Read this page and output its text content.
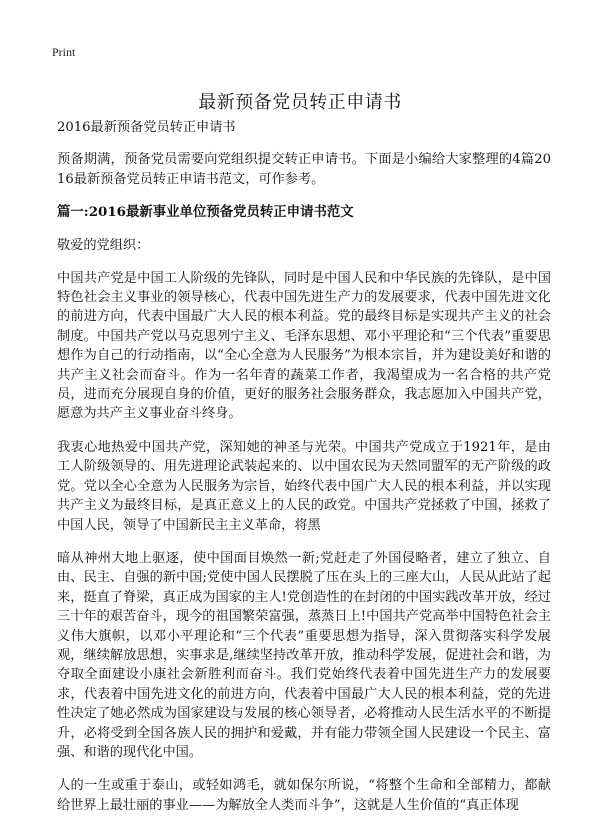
Print
最新预备党员转正申请书

2016最新预备党员转正申请书

预备期满，预备党员需要向党组织提交转正申请书。下面是小编给大家整理的4篇2016最新预备党员转正申请书范文，可作参考。

篇一:2016最新事业单位预备党员转正申请书范文

敬爱的党组织：

中国共产党是中国工人阶级的先锋队，同时是中国人民和中华民族的先锋队，是中国特色社会主义事业的领导核心，代表中国先进生产力的发展要求，代表中国先进文化的前进方向，代表中国最广大人民的根本利益。党的最终目标是实现共产主义的社会制度。中国共产党以马克思列宁主义、毛泽东思想、邓小平理论和“三个代表”重要思想作为自己的行动指南，以“全心全意为人民服务”为根本宗旨，并为建设美好和谐的共产主义社会而奋斗。作为一名年青的蔬菜工作者，我渴望成为一名合格的共产党员，进而充分展现自身的价值，更好的服务社会服务群众，我志愿加入中国共产党，愿意为共产主义事业奋斗终身。

我衷心地热爱中国共产党，深知她的神圣与光荣。中国共产党成立于1921年，是由工人阶级领导的、用先进理论武装起来的、以中国农民为天然同盟军的无产阶级的政党。党以全心全意为人民服务为宗旨，始终代表中国广大人民的根本利益，并以实现共产主义为最终目标，是真正意义上的人民的政党。中国共产党拯救了中国，拯救了中国人民，领导了中国新民主主义革命，将黑

暗从神州大地上驱逐，使中国面目焕然一新;党赶走了外国侵略者，建立了独立、自由、民主、自强的新中国;党使中国人民摆脱了压在头上的三座大山，人民从此站了起来，挺直了脊梁，真正成为国家的主人!党创造性的在封闭的中国实践改革开放，经过三十年的艰苦奋斗，现今的祖国繁荣富强，蒸蒸日上!中国共产党高举中国特色社会主义伟大旗帜，以邓小平理论和“三个代表”重要思想为指导，深入贯彻落实科学发展观，继续解放思想，实事求是,继续坚持改革开放，推动科学发展，促进社会和谐，为夺取全面建设小康社会新胜利而奋斗。我们党始终代表着中国先进生产力的发展要求，代表着中国先进文化的前进方向，代表着中国最广大人民的根本利益，党的先进性决定了她必然成为国家建设与发展的核心领导者，必将推动人民生活水平的不断提升，必将受到全国各族人民的拥护和爱戴，并有能力带领全国人民建设一个民主、富强、和谐的现代化中国。

人的一生或重于泰山，或轻如鸿毛，就如保尔所说，“将整个生命和全部精力，都献给世界上最壮丽的事业——为解放全人类而斗争”，这就是人生价值的“真正体现
